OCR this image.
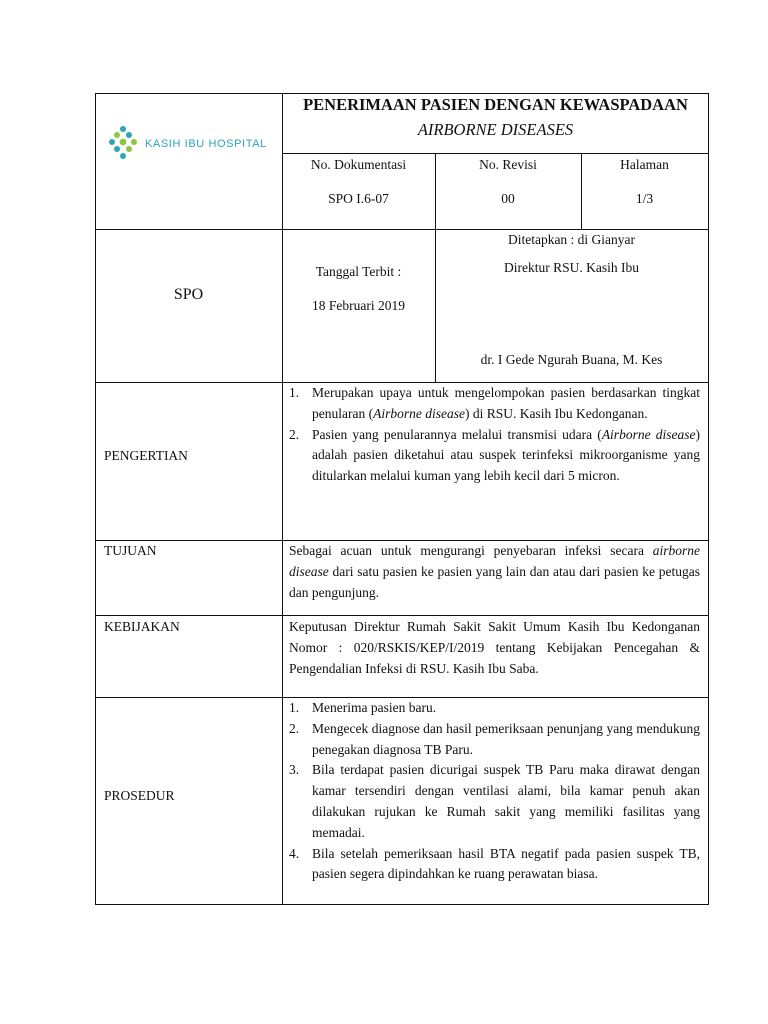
KASIH IBU HOSPITAL
PENERIMAAN PASIEN DENGAN KEWASPADAAN
AIRBORNE DISEASES
No. Dokumentasi
SPO I.6-07
No. Revisi
00
Halaman
1/3
SPO
Tanggal Terbit :
18 Februari 2019
Ditetapkan : di Gianyar
Direktur RSU. Kasih Ibu
dr. I Gede Ngurah Buana, M. Kes
PENGERTIAN
1. Merupakan upaya untuk mengelompokan pasien berdasarkan tingkat penularan (Airborne disease) di RSU. Kasih Ibu Kedonganan.
2. Pasien yang penularannya melalui transmisi udara (Airborne disease) adalah pasien diketahui atau suspek terinfeksi mikroorganisme yang ditularkan melalui kuman yang lebih kecil dari 5 micron.
TUJUAN	Sebagai acuan untuk mengurangi penyebaran infeksi secara airborne disease dari satu pasien ke pasien yang lain dan atau dari pasien ke petugas dan pengunjung.
KEBIJAKAN	Keputusan Direktur Rumah Sakit Sakit Umum Kasih Ibu Kedonganan Nomor : 020/RSKIS/KEP/I/2019 tentang Kebijakan Pencegahan & Pengendalian Infeksi di RSU. Kasih Ibu Saba.
PROSEDUR
1. Menerima pasien baru.
2. Mengecek diagnose dan hasil pemeriksaan penunjang yang mendukung penegakan diagnosa TB Paru.
3. Bila terdapat pasien dicurigai suspek TB Paru maka dirawat dengan kamar tersendiri dengan ventilasi alami, bila kamar penuh akan dilakukan rujukan ke Rumah sakit yang memiliki fasilitas yang memadai.
4. Bila setelah pemeriksaan hasil BTA negatif pada pasien suspek TB, pasien segera dipindahkan ke ruang perawatan biasa.
